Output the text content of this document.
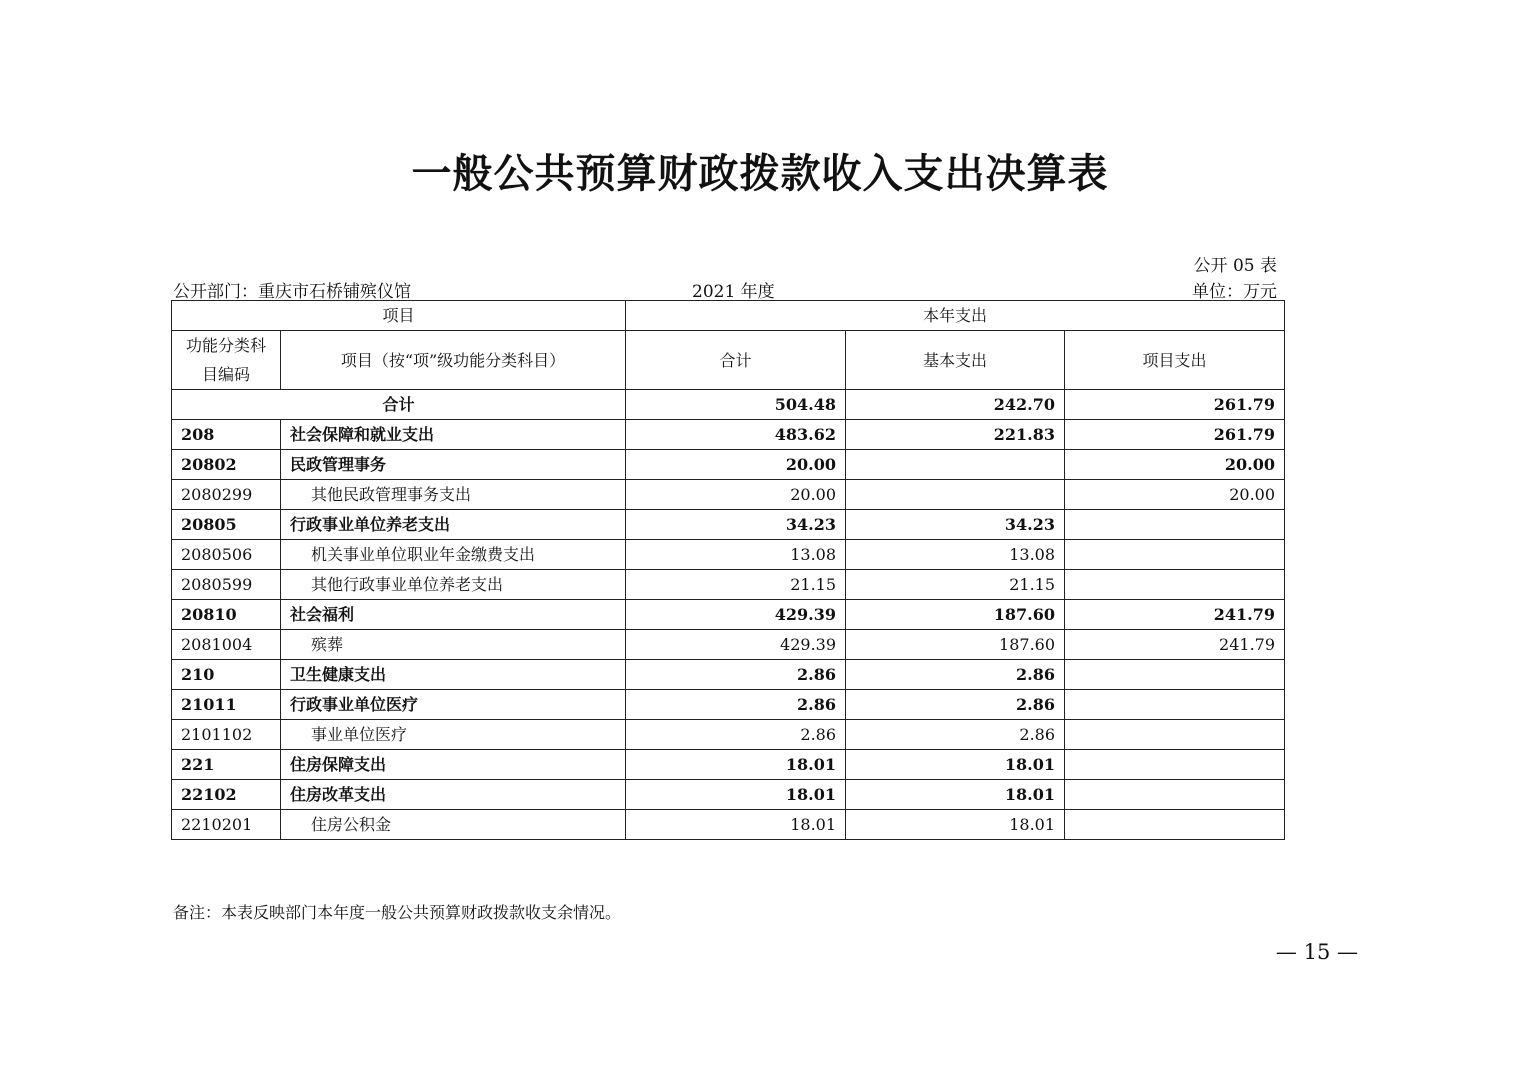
一般公共预算财政拨款收入支出决算表
公开 05 表
公开部门：重庆市石桥铺殡仪馆	2021 年度	单位：万元
项目		本年支出		
功能分类科目编码	项目（按“项”级功能分类科目）	合计	基本支出	项目支出
合计		504.48	242.70	261.79
208	社会保障和就业支出	483.62	221.83	261.79
20802	民政管理事务	20.00		20.00
2080299	其他民政管理事务支出	20.00		20.00
20805	行政事业单位养老支出	34.23	34.23	
2080506	机关事业单位职业年金缴费支出	13.08	13.08	
2080599	其他行政事业单位养老支出	21.15	21.15	
20810	社会福利	429.39	187.60	241.79
2081004	殡葬	429.39	187.60	241.79
210	卫生健康支出	2.86	2.86	
21011	行政事业单位医疗	2.86	2.86	
2101102	事业单位医疗	2.86	2.86	
221	住房保障支出	18.01	18.01	
22102	住房改革支出	18.01	18.01	
2210201	住房公积金	18.01	18.01	
备注：本表反映部门本年度一般公共预算财政拨款收支余情况。
— 15 —
